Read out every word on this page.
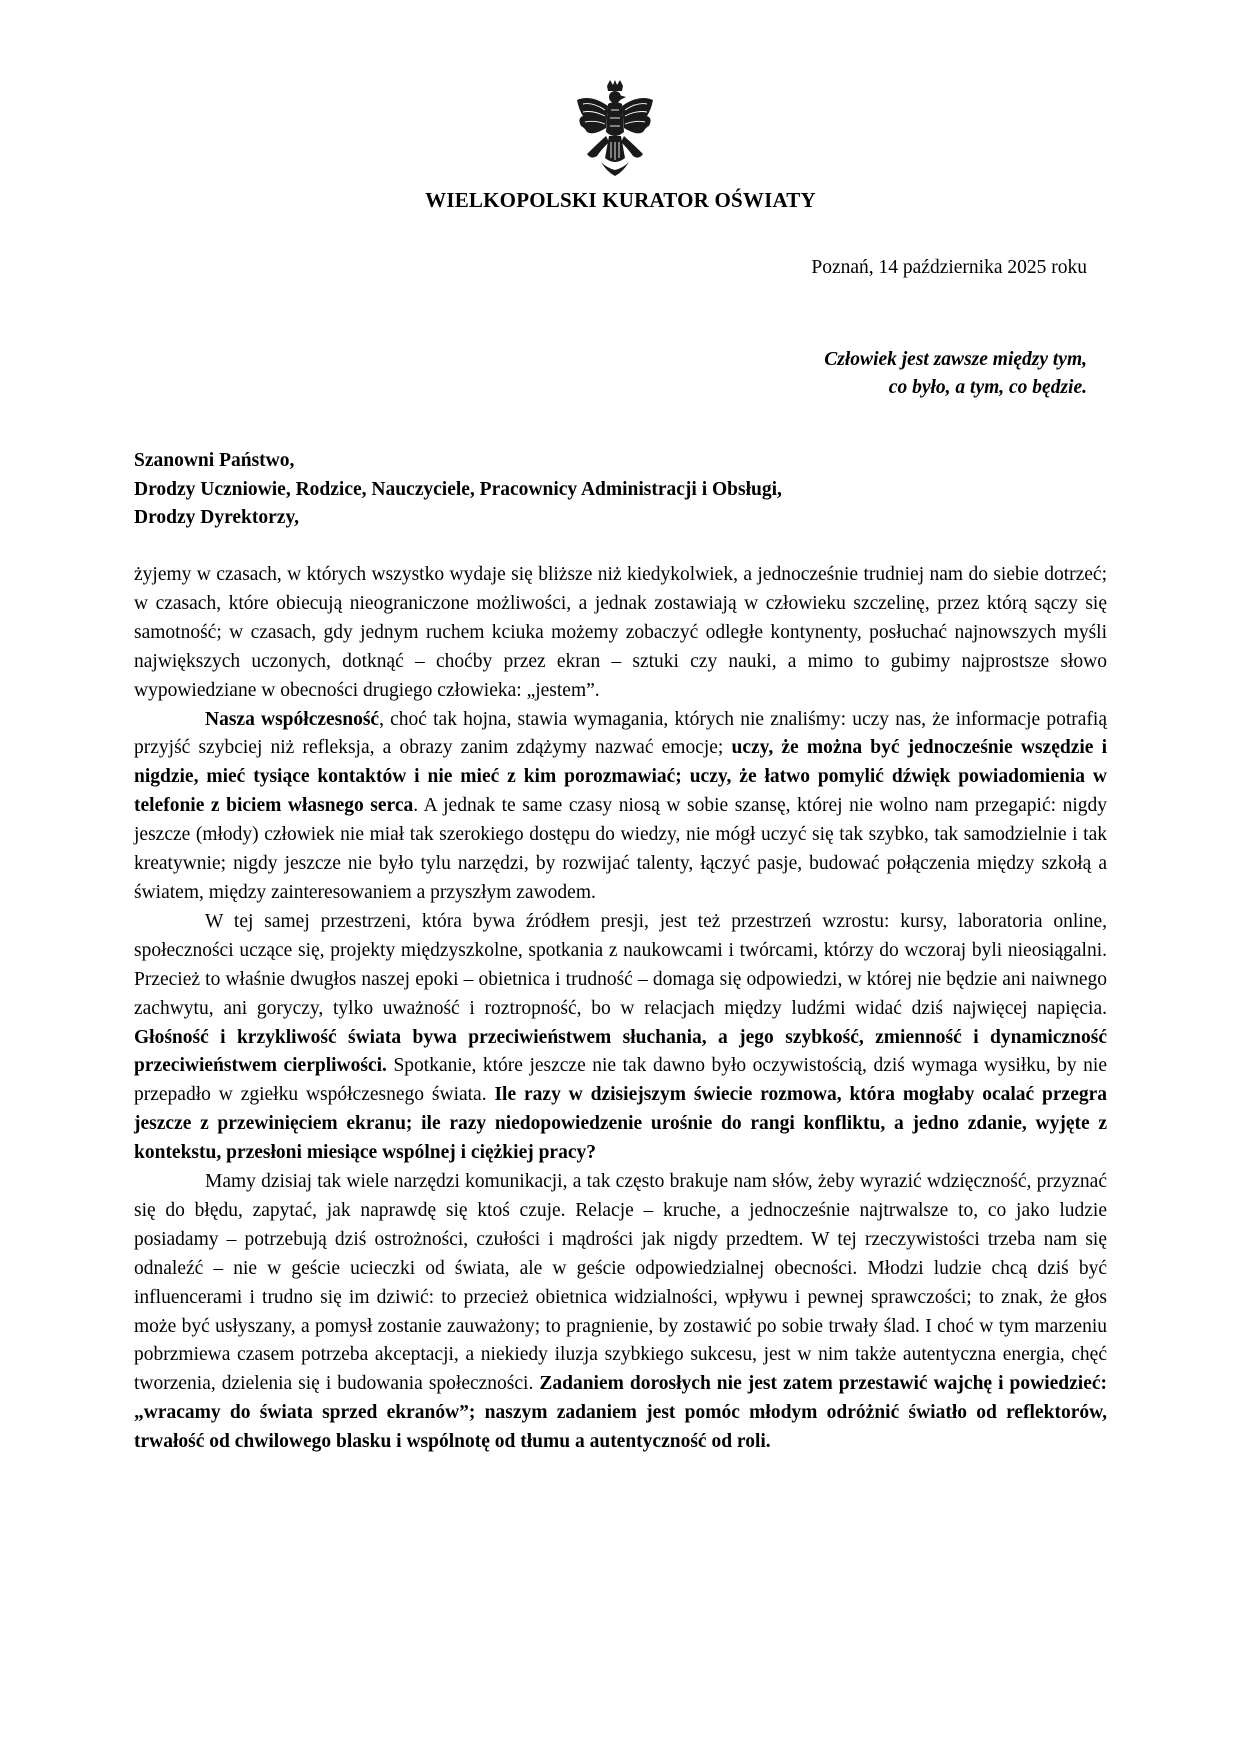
WIELKOPOLSKI KURATOR OŚWIATY
Poznań, 14 października 2025 roku
Człowiek jest zawsze między tym,
co było, a tym, co będzie.
Szanowni Państwo,
Drodzy Uczniowie, Rodzice, Nauczyciele, Pracownicy Administracji i Obsługi,
Drodzy Dyrektorzy,

żyjemy w czasach, w których wszystko wydaje się bliższe niż kiedykolwiek, a jednocześnie trudniej nam do siebie dotrzeć; w czasach, które obiecują nieograniczone możliwości, a jednak zostawiają w człowieku szczelinę, przez którą sączy się samotność; w czasach, gdy jednym ruchem kciuka możemy zobaczyć odległe kontynenty, posłuchać najnowszych myśli największych uczonych, dotknąć – choćby przez ekran – sztuki czy nauki, a mimo to gubimy najprostsze słowo wypowiedziane w obecności drugiego człowieka: „jestem”.

Nasza współczesność, choć tak hojna, stawia wymagania, których nie znaliśmy: uczy nas, że informacje potrafią przyjść szybciej niż refleksja, a obrazy zanim zdążymy nazwać emocje; uczy, że można być jednocześnie wszędzie i nigdzie, mieć tysiące kontaktów i nie mieć z kim porozmawiać; uczy, że łatwo pomylić dźwięk powiadomienia w telefonie z biciem własnego serca. A jednak te same czasy niosą w sobie szansę, której nie wolno nam przegapić: nigdy jeszcze (młody) człowiek nie miał tak szerokiego dostępu do wiedzy, nie mógł uczyć się tak szybko, tak samodzielnie i tak kreatywnie; nigdy jeszcze nie było tylu narzędzi, by rozwijać talenty, łączyć pasje, budować połączenia między szkołą a światem, między zainteresowaniem a przyszłym zawodem.

W tej samej przestrzeni, która bywa źródłem presji, jest też przestrzeń wzrostu: kursy, laboratoria online, społeczności uczące się, projekty międzyszkolne, spotkania z naukowcami i twórcami, którzy do wczoraj byli nieosiągalni. Przecież to właśnie dwugłos naszej epoki – obietnica i trudność – domaga się odpowiedzi, w której nie będzie ani naiwnego zachwytu, ani goryczy, tylko uważność i roztropność, bo w relacjach między ludźmi widać dziś najwięcej napięcia. Głośność i krzykliwość świata bywa przeciwieństwem słuchania, a jego szybkość, zmienność i dynamiczność przeciwieństwem cierpliwości. Spotkanie, które jeszcze nie tak dawno było oczywistością, dziś wymaga wysiłku, by nie przepadło w zgiełku współczesnego świata. Ile razy w dzisiejszym świecie rozmowa, która mogłaby ocalać przegra jeszcze z przewinięciem ekranu; ile razy niedopowiedzenie urośnie do rangi konfliktu, a jedno zdanie, wyjęte z kontekstu, przesłoni miesiące wspólnej i ciężkiej pracy?

Mamy dzisiaj tak wiele narzędzi komunikacji, a tak często brakuje nam słów, żeby wyrazić wdzięczność, przyznać się do błędu, zapytać, jak naprawdę się ktoś czuje. Relacje – kruche, a jednocześnie najtrwalsze to, co jako ludzie posiadamy – potrzebują dziś ostrożności, czułości i mądrości jak nigdy przedtem. W tej rzeczywistości trzeba nam się odnaleźć – nie w geście ucieczki od świata, ale w geście odpowiedzialnej obecności. Młodzi ludzie chcą dziś być influencerami i trudno się im dziwić: to przecież obietnica widzialności, wpływu i pewnej sprawczości; to znak, że głos może być usłyszany, a pomysł zostanie zauważony; to pragnienie, by zostawić po sobie trwały ślad. I choć w tym marzeniu pobrzmiewa czasem potrzeba akceptacji, a niekiedy iluzja szybkiego sukcesu, jest w nim także autentyczna energia, chęć tworzenia, dzielenia się i budowania społeczności. Zadaniem dorosłych nie jest zatem przestawić wajchę i powiedzieć: „wracamy do świata sprzed ekranów”; naszym zadaniem jest pomóc młodym odróżnić światło od reflektorów, trwałość od chwilowego blasku i wspólnotę od tłumu a autentyczność od roli.
